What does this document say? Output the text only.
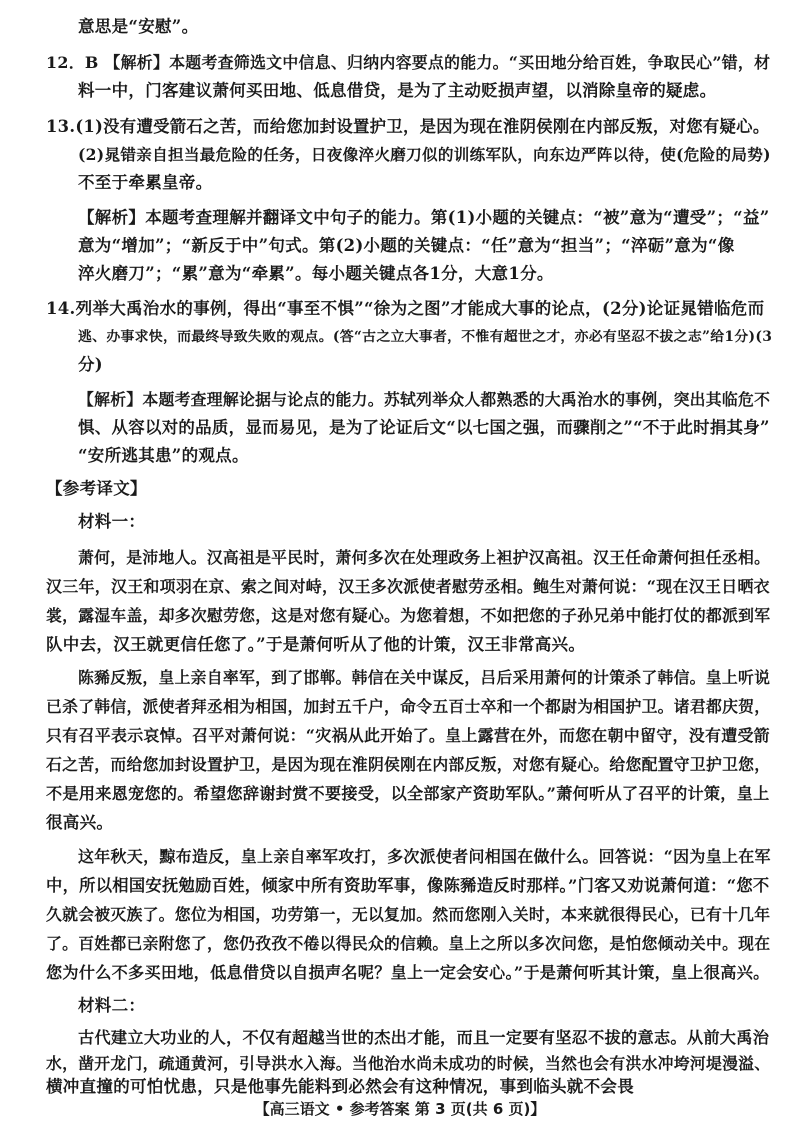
意思是“安慰”。
12．B 【解析】本题考查筛选文中信息、归纳内容要点的能力。“买田地分给百姓，争取民心”错，材
料一中，门客建议萧何买田地、低息借贷，是为了主动贬损声望，以消除皇帝的疑虑。
13.(1)没有遭受箭石之苦，而给您加封设置护卫，是因为现在淮阴侯刚在内部反叛，对您有疑心。
(2)晁错亲自担当最危险的任务，日夜像淬火磨刀似的训练军队，向东边严阵以待，使(危险的局势)
不至于牵累皇帝。
【解析】本题考查理解并翻译文中句子的能力。第(1)小题的关键点：“被”意为“遭受”；“益”
意为“增加”；“新反于中”句式。第(2)小题的关键点：“任”意为“担当”；“淬砺”意为“像
淬火磨刀”；“累”意为“牵累”。每小题关键点各1分，大意1分。
14.列举大禹治水的事例，得出“事至不惧”“徐为之图”才能成大事的论点，(2分)论证晁错临危而
逃、办事求快，而最终导致失败的观点。(答“古之立大事者，不惟有超世之才，亦必有坚忍不拔之志”给1分)(3
分)
【解析】本题考查理解论据与论点的能力。苏轼列举众人都熟悉的大禹治水的事例，突出其临危不
惧、从容以对的品质，显而易见，是为了论证后文“以七国之强，而骤削之”“不于此时捐其身”
“安所逃其患”的观点。
【参考译文】
材料一：
萧何，是沛地人。汉高祖是平民时，萧何多次在处理政务上袒护汉高祖。汉王任命萧何担任丞相。
汉三年，汉王和项羽在京、索之间对峙，汉王多次派使者慰劳丞相。鲍生对萧何说：“现在汉王日晒衣
裳，露湿车盖，却多次慰劳您，这是对您有疑心。为您着想，不如把您的子孙兄弟中能打仗的都派到军
队中去，汉王就更信任您了。”于是萧何听从了他的计策，汉王非常高兴。
陈豨反叛，皇上亲自率军，到了邯郸。韩信在关中谋反，吕后采用萧何的计策杀了韩信。皇上听说
已杀了韩信，派使者拜丞相为相国，加封五千户，命令五百士卒和一个都尉为相国护卫。诸君都庆贺，
只有召平表示哀悼。召平对萧何说：“灾祸从此开始了。皇上露营在外，而您在朝中留守，没有遭受箭
石之苦，而给您加封设置护卫，是因为现在淮阴侯刚在内部反叛，对您有疑心。给您配置守卫护卫您，
不是用来恩宠您的。希望您辞谢封赏不要接受，以全部家产资助军队。”萧何听从了召平的计策，皇上
很高兴。
这年秋天，黥布造反，皇上亲自率军攻打，多次派使者问相国在做什么。回答说：“因为皇上在军
中，所以相国安抚勉励百姓，倾家中所有资助军事，像陈豨造反时那样。”门客又劝说萧何道：“您不
久就会被灭族了。您位为相国，功劳第一，无以复加。然而您刚入关时，本来就很得民心，已有十几年
了。百姓都已亲附您了，您仍孜孜不倦以得民众的信赖。皇上之所以多次问您，是怕您倾动关中。现在
您为什么不多买田地，低息借贷以自损声名呢？皇上一定会安心。”于是萧何听其计策，皇上很高兴。
材料二：
古代建立大功业的人，不仅有超越当世的杰出才能，而且一定要有坚忍不拔的意志。从前大禹治
水，凿开龙门，疏通黄河，引导洪水入海。当他治水尚未成功的时候，当然也会有洪水冲垮河堤漫溢、
横冲直撞的可怕忧患，只是他事先能料到必然会有这种情况，事到临头就不会畏
【高三语文 • 参考答案 第 3 页(共 6 页)】
